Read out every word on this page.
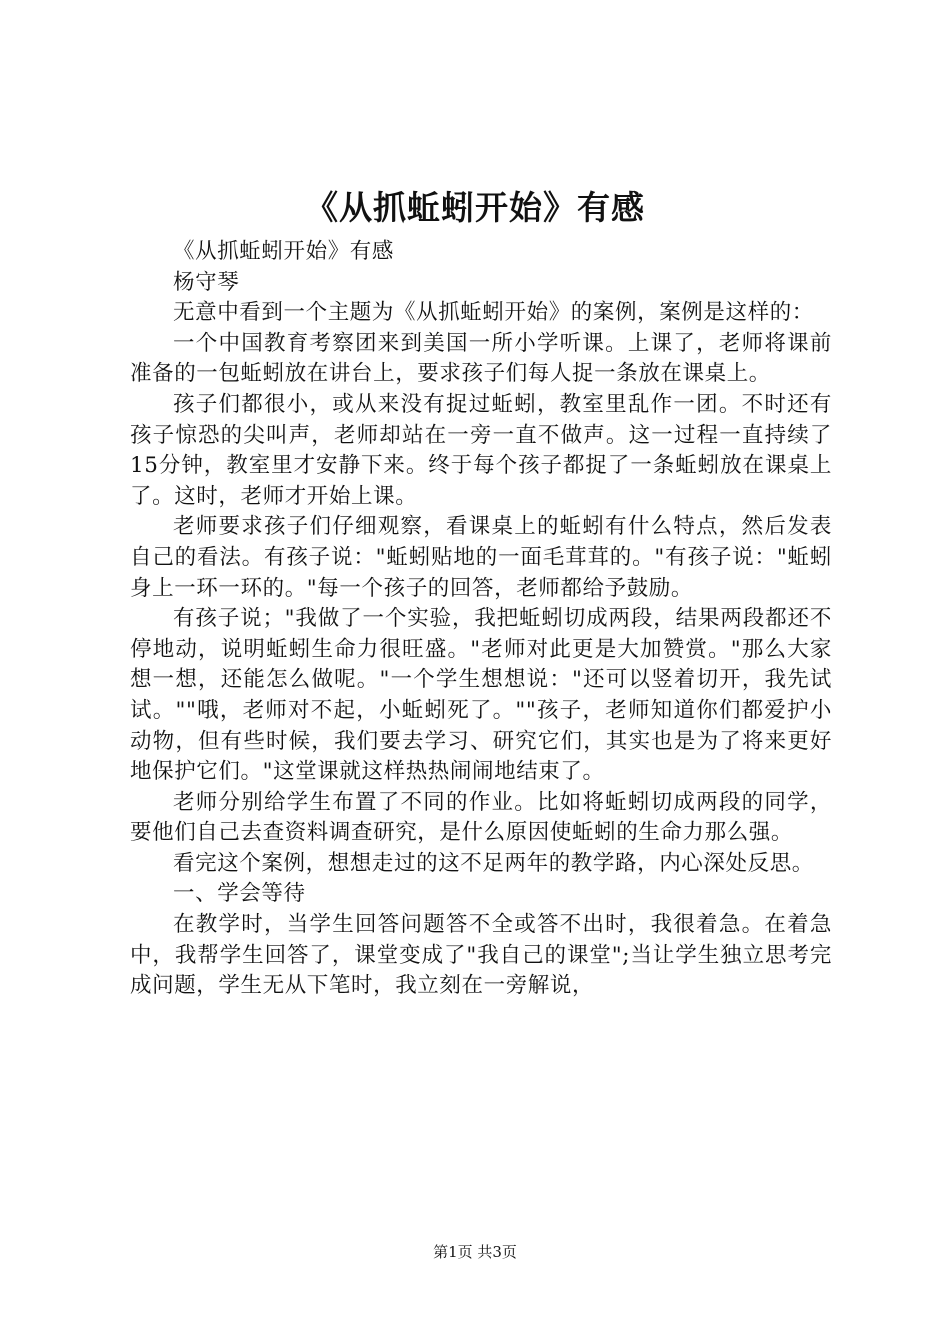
《从抓蚯蚓开始》有感

《从抓蚯蚓开始》有感

杨守琴

无意中看到一个主题为《从抓蚯蚓开始》的案例，案例是这样的：

一个中国教育考察团来到美国一所小学听课。上课了，老师将课前准备的一包蚯蚓放在讲台上，要求孩子们每人捉一条放在课桌上。

孩子们都很小，或从来没有捉过蚯蚓，教室里乱作一团。不时还有孩子惊恐的尖叫声，老师却站在一旁一直不做声。这一过程一直持续了15分钟，教室里才安静下来。终于每个孩子都捉了一条蚯蚓放在课桌上了。这时，老师才开始上课。

老师要求孩子们仔细观察，看课桌上的蚯蚓有什么特点，然后发表自己的看法。有孩子说："蚯蚓贴地的一面毛茸茸的。"有孩子说："蚯蚓身上一环一环的。"每一个孩子的回答，老师都给予鼓励。

有孩子说；"我做了一个实验，我把蚯蚓切成两段，结果两段都还不停地动，说明蚯蚓生命力很旺盛。"老师对此更是大加赞赏。"那么大家想一想，还能怎么做呢。"一个学生想想说："还可以竖着切开，我先试试。""哦，老师对不起，小蚯蚓死了。""孩子，老师知道你们都爱护小动物，但有些时候，我们要去学习、研究它们，其实也是为了将来更好地保护它们。"这堂课就这样热热闹闹地结束了。

老师分别给学生布置了不同的作业。比如将蚯蚓切成两段的同学，要他们自己去查资料调查研究，是什么原因使蚯蚓的生命力那么强。

看完这个案例，想想走过的这不足两年的教学路，内心深处反思。

一、学会等待

在教学时，当学生回答问题答不全或答不出时，我很着急。在着急中，我帮学生回答了，课堂变成了"我自己的课堂";当让学生独立思考完成问题，学生无从下笔时，我立刻在一旁解说，

第1页 共3页
